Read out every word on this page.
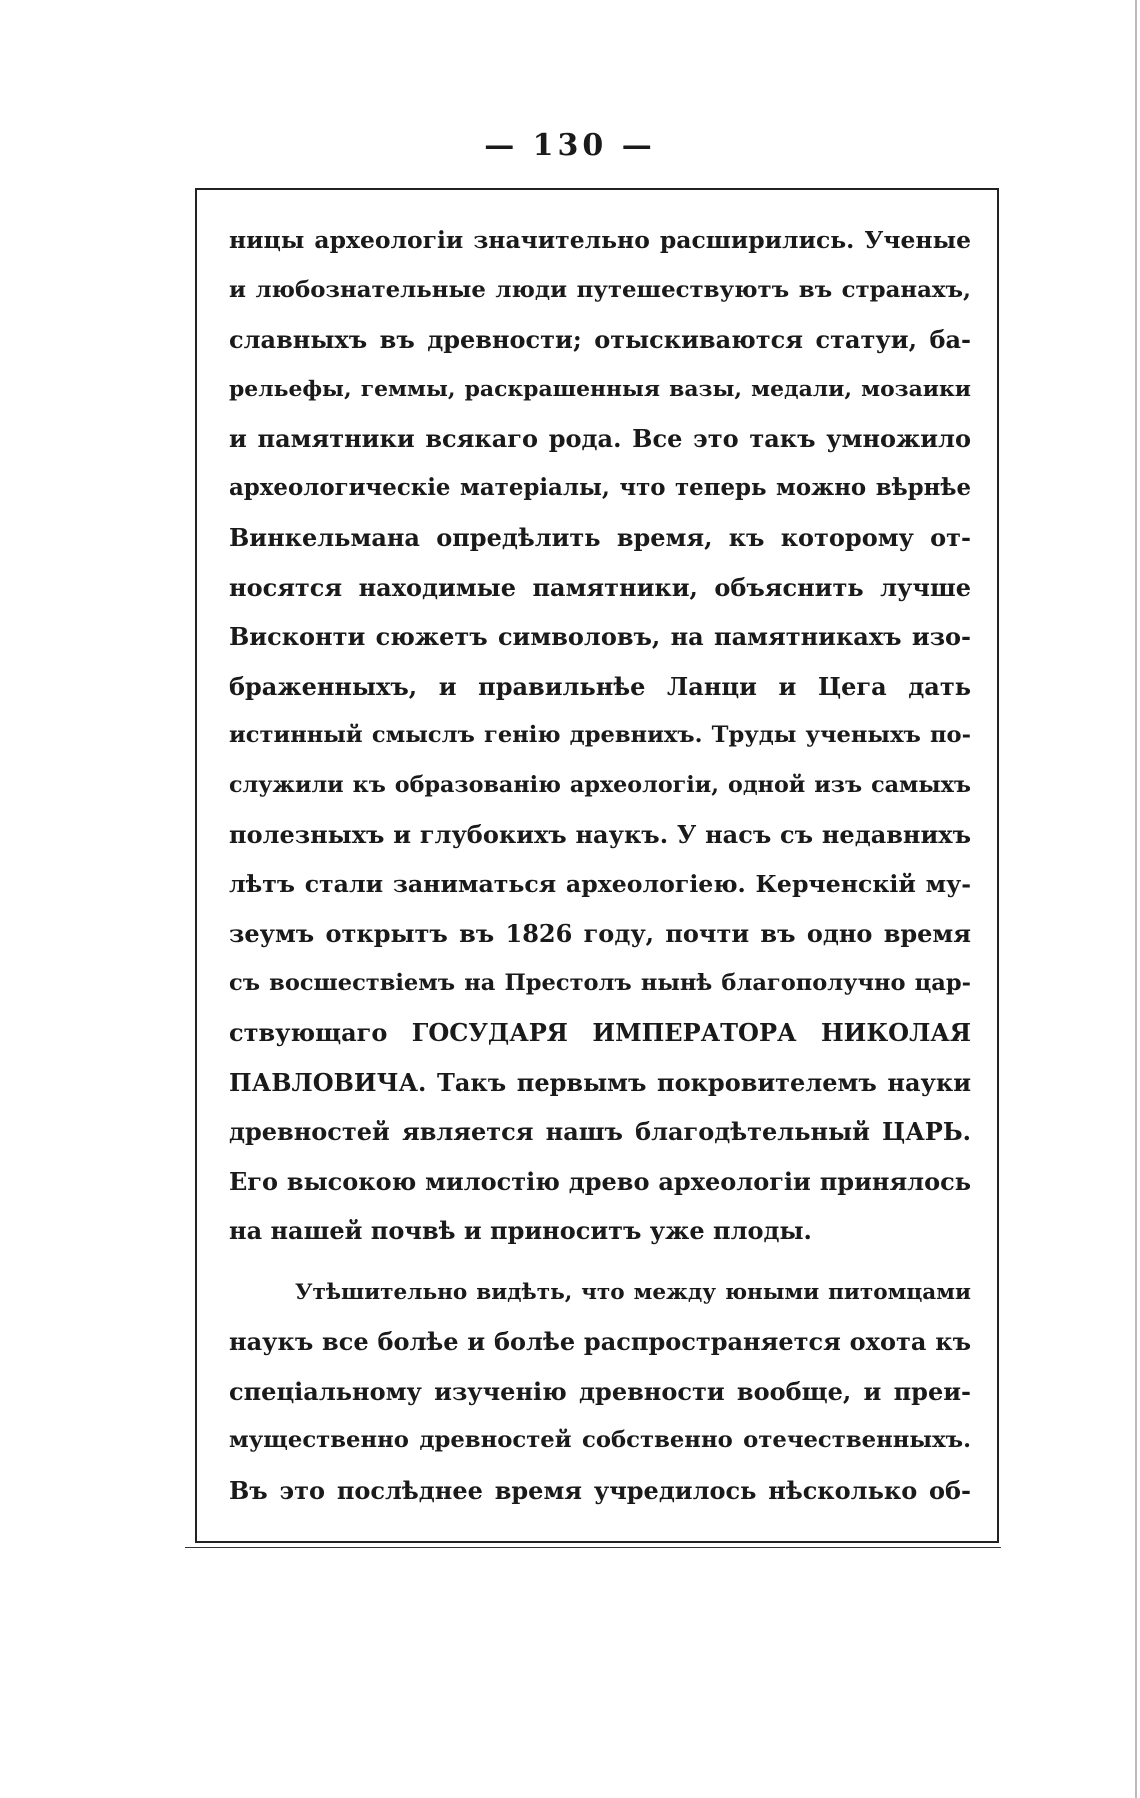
— 130 —
ницы археологіи значительно расширились. Ученые
и любознательные люди путешествуютъ въ странахъ,
славныхъ въ древности; отыскиваются статуи, ба-
рельефы, геммы, раскрашенныя вазы, медали, мозаики
и памятники всякаго рода. Все это такъ умножило
археологическіе матеріалы, что теперь можно вѣрнѣе
Винкельмана опредѣлить время, къ которому от-
носятся находимые памятники, объяснить лучше
Висконти сюжетъ символовъ, на памятникахъ изо-
браженныхъ, и правильнѣе Ланци и Цега дать
истинный смыслъ генію древнихъ. Труды ученыхъ по-
служили къ образованію археологіи, одной изъ самыхъ
полезныхъ и глубокихъ наукъ. У насъ съ недавнихъ
лѣтъ стали заниматься археологіею. Керченскій му-
зеумъ открытъ въ 1826 году, почти въ одно время
съ восшествіемъ на Престолъ нынѣ благополучно цар-
ствующаго ГОСУДАРЯ ИМПЕРАТОРА НИКОЛАЯ
ПАВЛОВИЧА. Такъ первымъ покровителемъ науки
древностей является нашъ благодѣтельный ЦАРЬ.
Его высокою милостію древо археологіи принялось
на нашей почвѣ и приноситъ уже плоды.
Утѣшительно видѣть, что между юными питомцами
наукъ все болѣе и болѣе распространяется охота къ
спеціальному изученію древности вообще, и преи-
мущественно древностей собственно отечественныхъ.
Въ это послѣднее время учредилось нѣсколько об-
